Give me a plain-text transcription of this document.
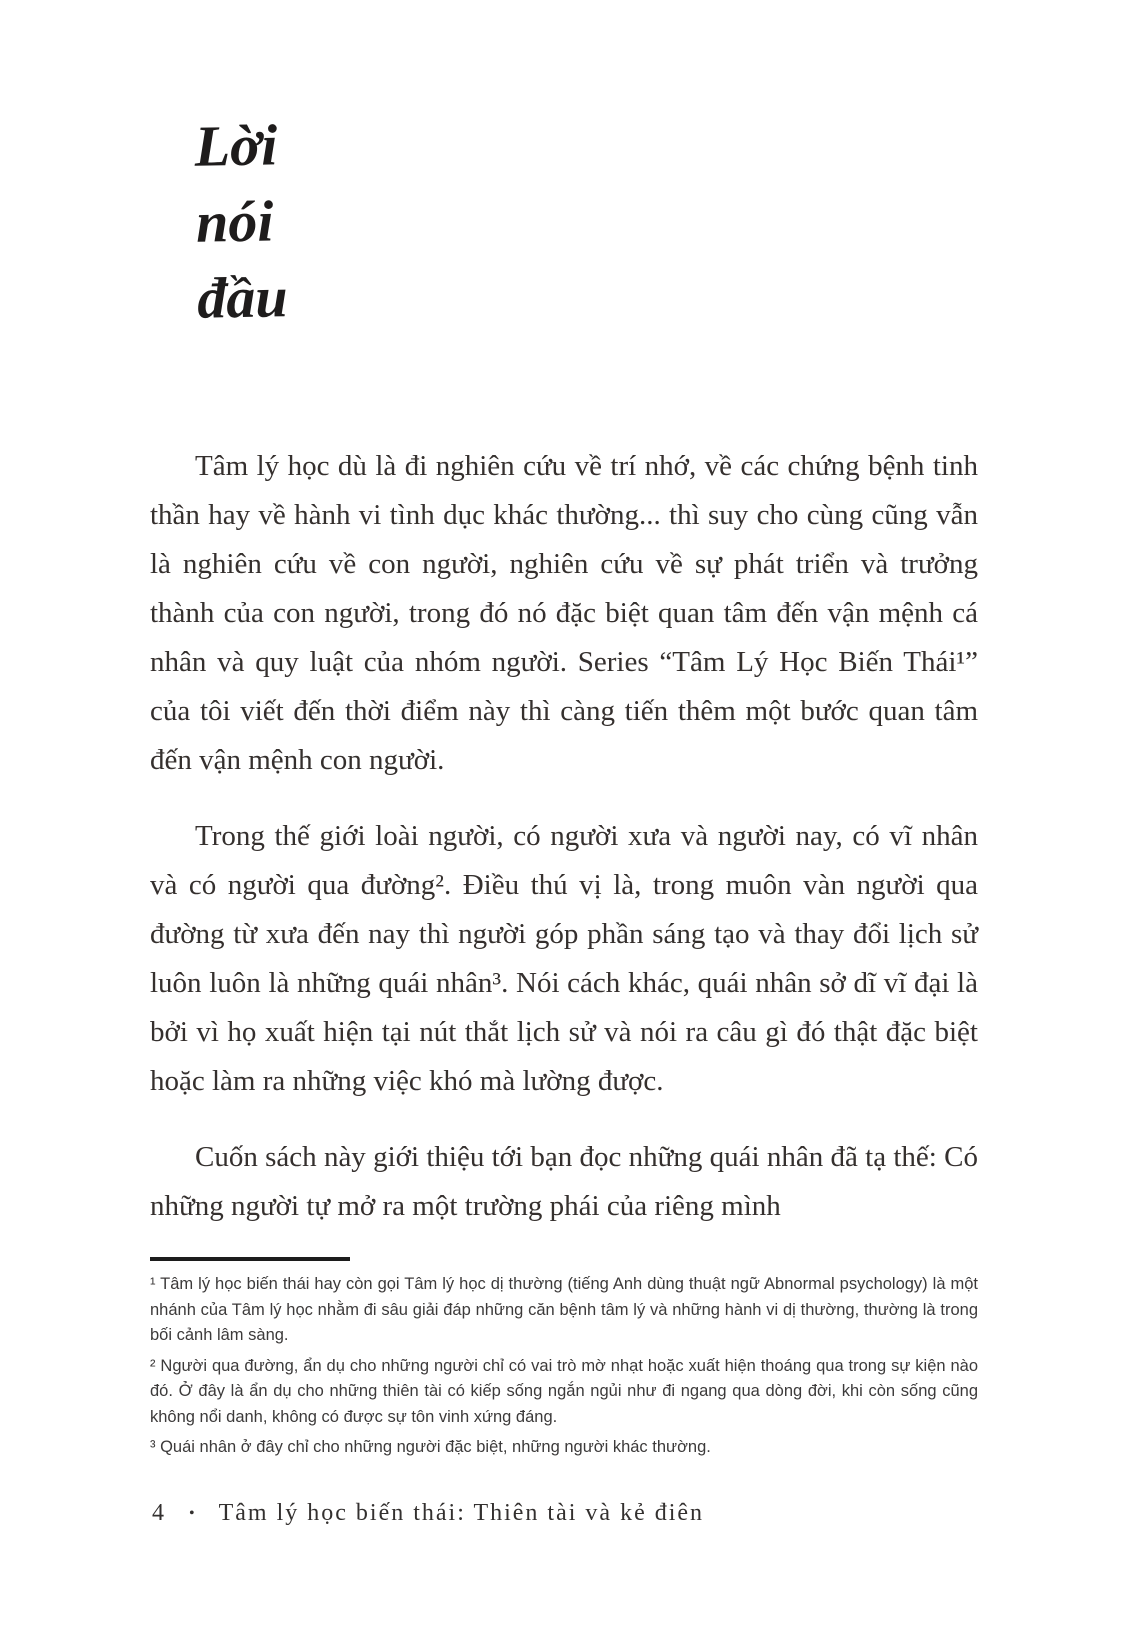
Lời
nói
đầu

Tâm lý học dù là đi nghiên cứu về trí nhớ, về các chứng bệnh tinh thần hay về hành vi tình dục khác thường... thì suy cho cùng cũng vẫn là nghiên cứu về con người, nghiên cứu về sự phát triển và trưởng thành của con người, trong đó nó đặc biệt quan tâm đến vận mệnh cá nhân và quy luật của nhóm người. Series “Tâm Lý Học Biến Thái¹” của tôi viết đến thời điểm này thì càng tiến thêm một bước quan tâm đến vận mệnh con người.

Trong thế giới loài người, có người xưa và người nay, có vĩ nhân và có người qua đường². Điều thú vị là, trong muôn vàn người qua đường từ xưa đến nay thì người góp phần sáng tạo và thay đổi lịch sử luôn luôn là những quái nhân³. Nói cách khác, quái nhân sở dĩ vĩ đại là bởi vì họ xuất hiện tại nút thắt lịch sử và nói ra câu gì đó thật đặc biệt hoặc làm ra những việc khó mà lường được.

Cuốn sách này giới thiệu tới bạn đọc những quái nhân đã tạ thế: Có những người tự mở ra một trường phái của riêng mình

¹ Tâm lý học biến thái hay còn gọi Tâm lý học dị thường (tiếng Anh dùng thuật ngữ Abnormal psychology) là một nhánh của Tâm lý học nhằm đi sâu giải đáp những căn bệnh tâm lý và những hành vi dị thường, thường là trong bối cảnh lâm sàng.

² Người qua đường, ẩn dụ cho những người chỉ có vai trò mờ nhạt hoặc xuất hiện thoáng qua trong sự kiện nào đó. Ở đây là ẩn dụ cho những thiên tài có kiếp sống ngắn ngủi như đi ngang qua dòng đời, khi còn sống cũng không nổi danh, không có được sự tôn vinh xứng đáng.

³ Quái nhân ở đây chỉ cho những người đặc biệt, những người khác thường.

4 • Tâm lý học biến thái: Thiên tài và kẻ điên
